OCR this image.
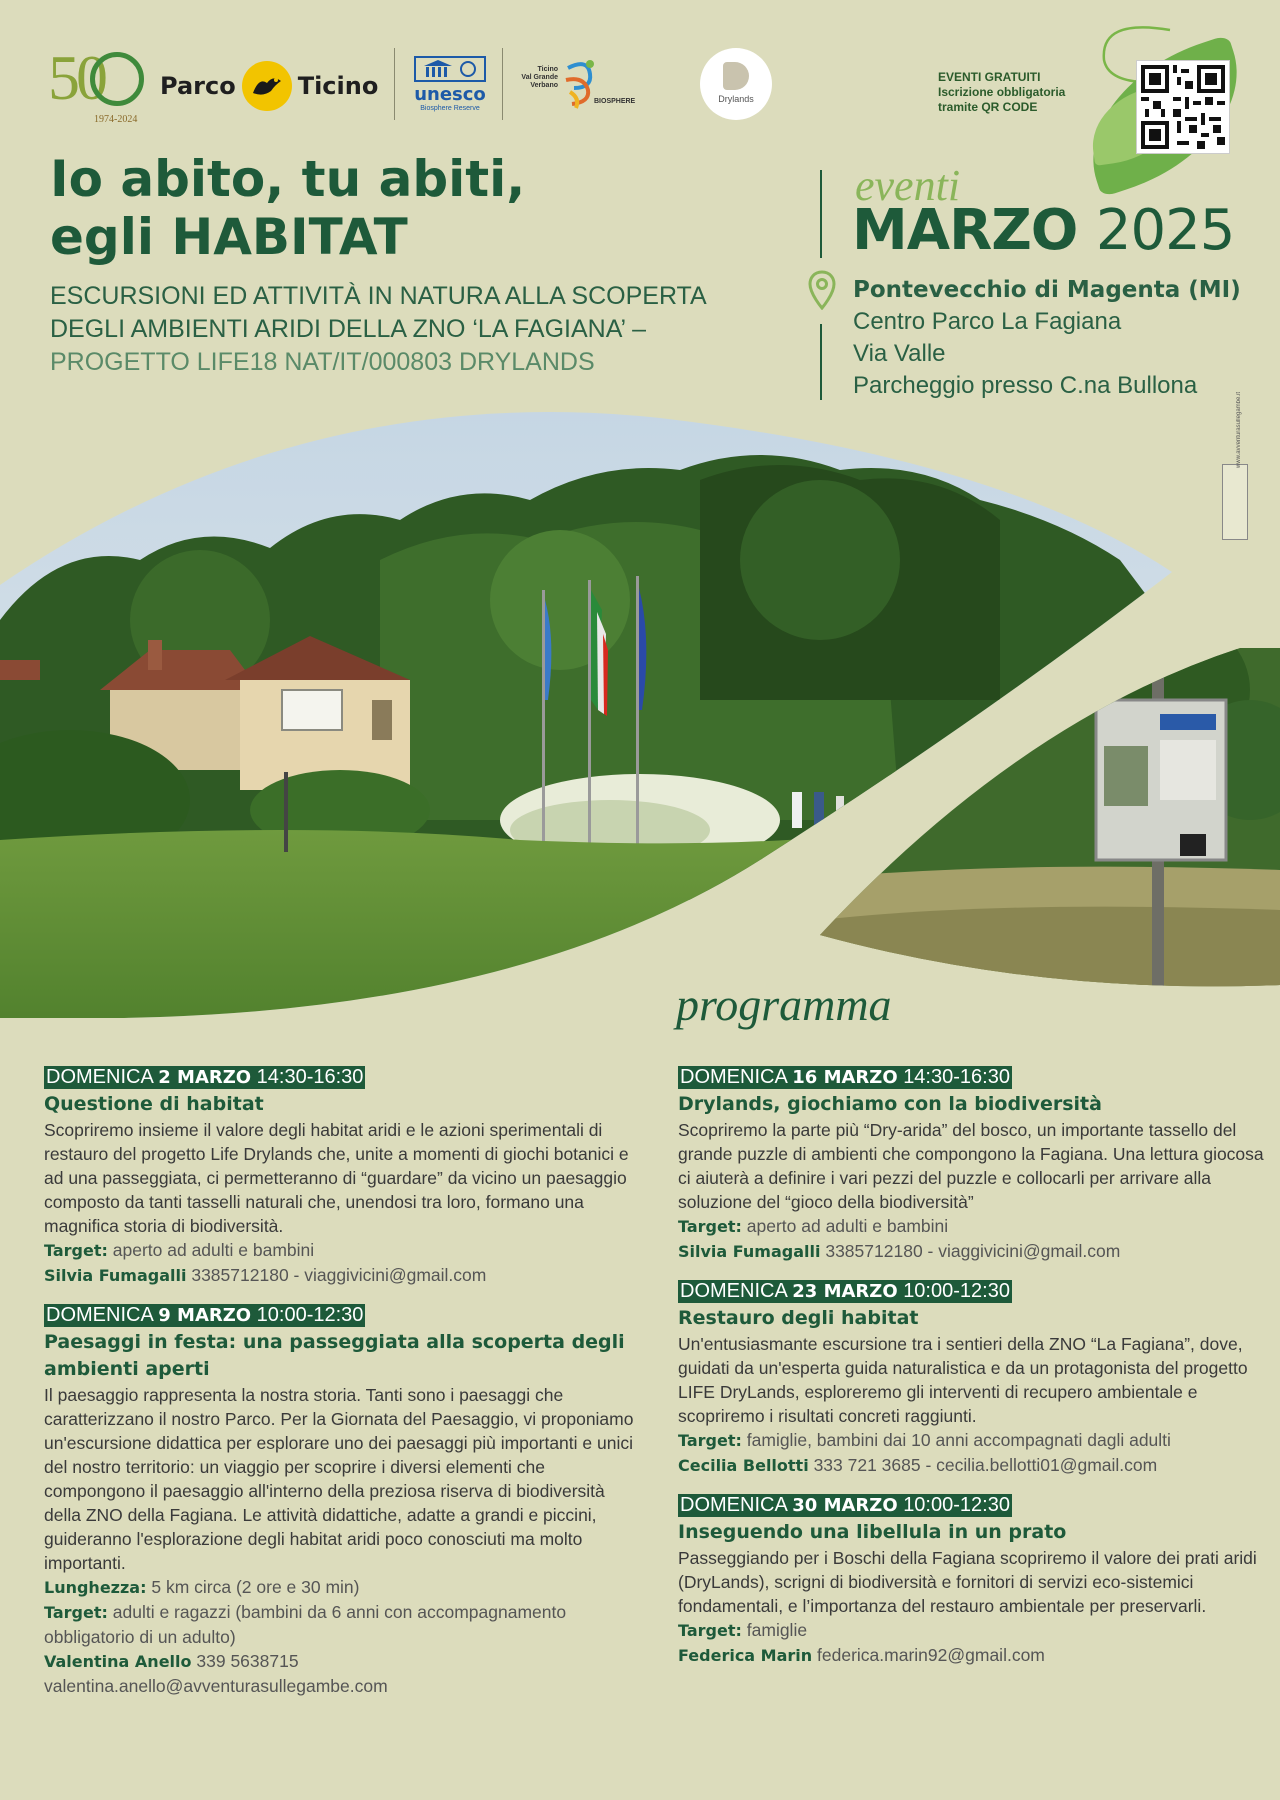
50
1974-2024
Parco	Ticino unesco
Biosphere Reserve
Ticino
Val Grande
Verbano
BIOSPHERE	Drylands
EVENTI GRATUITI
Iscrizione obbligatoria
tramite QR CODE
Io abito, tu abiti,
egli HABITAT
ESCURSIONI ED ATTIVITÀ IN NATURA ALLA SCOPERTA
DEGLI AMBIENTI ARIDI DELLA ZNO ‘LA FAGIANA’ –
PROGETTO LIFE18 NAT/IT/000803 DRYLANDS
eventi
MARZO 2025
Pontevecchio di Magenta (MI)
Centro Parco La Fagiana
Via Valle
Parcheggio presso C.na Bullona
www.avventurasullegambe.it
programma
DOMENICA 2 MARZO 14:30-16:30
Questione di habitat
Scopriremo insieme il valore degli habitat aridi e le azioni sperimentali di restauro del progetto Life Drylands che, unite a momenti di giochi botanici e ad una passeggiata, ci permetteranno di “guardare” da vicino un paesaggio composto da tanti tasselli naturali che, unendosi tra loro, formano una magnifica storia di biodiversità.
Target: aperto ad adulti e bambini
Silvia Fumagalli 3385712180 - viaggivicini@gmail.com
DOMENICA 9 MARZO 10:00-12:30
Paesaggi in festa: una passeggiata alla scoperta degli ambienti aperti
Il paesaggio rappresenta la nostra storia. Tanti sono i paesaggi che caratterizzano il nostro Parco. Per la Giornata del Paesaggio, vi proponiamo un'escursione didattica per esplorare uno dei paesaggi più importanti e unici del nostro territorio: un viaggio per scoprire i diversi elementi che compongono il paesaggio all'interno della preziosa riserva di biodiversità della ZNO della Fagiana. Le attività didattiche, adatte a grandi e piccini, guideranno l'esplorazione degli habitat aridi poco conosciuti ma molto importanti.
Lunghezza: 5 km circa (2 ore e 30 min)
Target: adulti e ragazzi (bambini da 6 anni con accompagnamento obbligatorio di un adulto)
Valentina Anello 339 5638715
valentina.anello@avventurasullegambe.com
DOMENICA 16 MARZO 14:30-16:30
Drylands, giochiamo con la biodiversità
Scopriremo la parte più “Dry-arida” del bosco, un importante tassello del grande puzzle di ambienti che compongono la Fagiana. Una lettura giocosa ci aiuterà a definire i vari pezzi del puzzle e collocarli per arrivare alla soluzione del “gioco della biodiversità”
Target: aperto ad adulti e bambini
Silvia Fumagalli 3385712180 - viaggivicini@gmail.com
DOMENICA 23 MARZO 10:00-12:30
Restauro degli habitat
Un'entusiasmante escursione tra i sentieri della ZNO “La Fagiana”, dove, guidati da un'esperta guida naturalistica e da un protagonista del progetto LIFE DryLands, esploreremo gli interventi di recupero ambientale e scopriremo i risultati concreti raggiunti.
Target: famiglie, bambini dai 10 anni accompagnati dagli adulti
Cecilia Bellotti 333 721 3685 - cecilia.bellotti01@gmail.com
DOMENICA 30 MARZO 10:00-12:30
Inseguendo una libellula in un prato
Passeggiando per i Boschi della Fagiana scopriremo il valore dei prati aridi (DryLands), scrigni di biodiversità e fornitori di servizi eco-sistemici fondamentali, e l’importanza del restauro ambientale per preservarli.
Target: famiglie
Federica Marin federica.marin92@gmail.com
